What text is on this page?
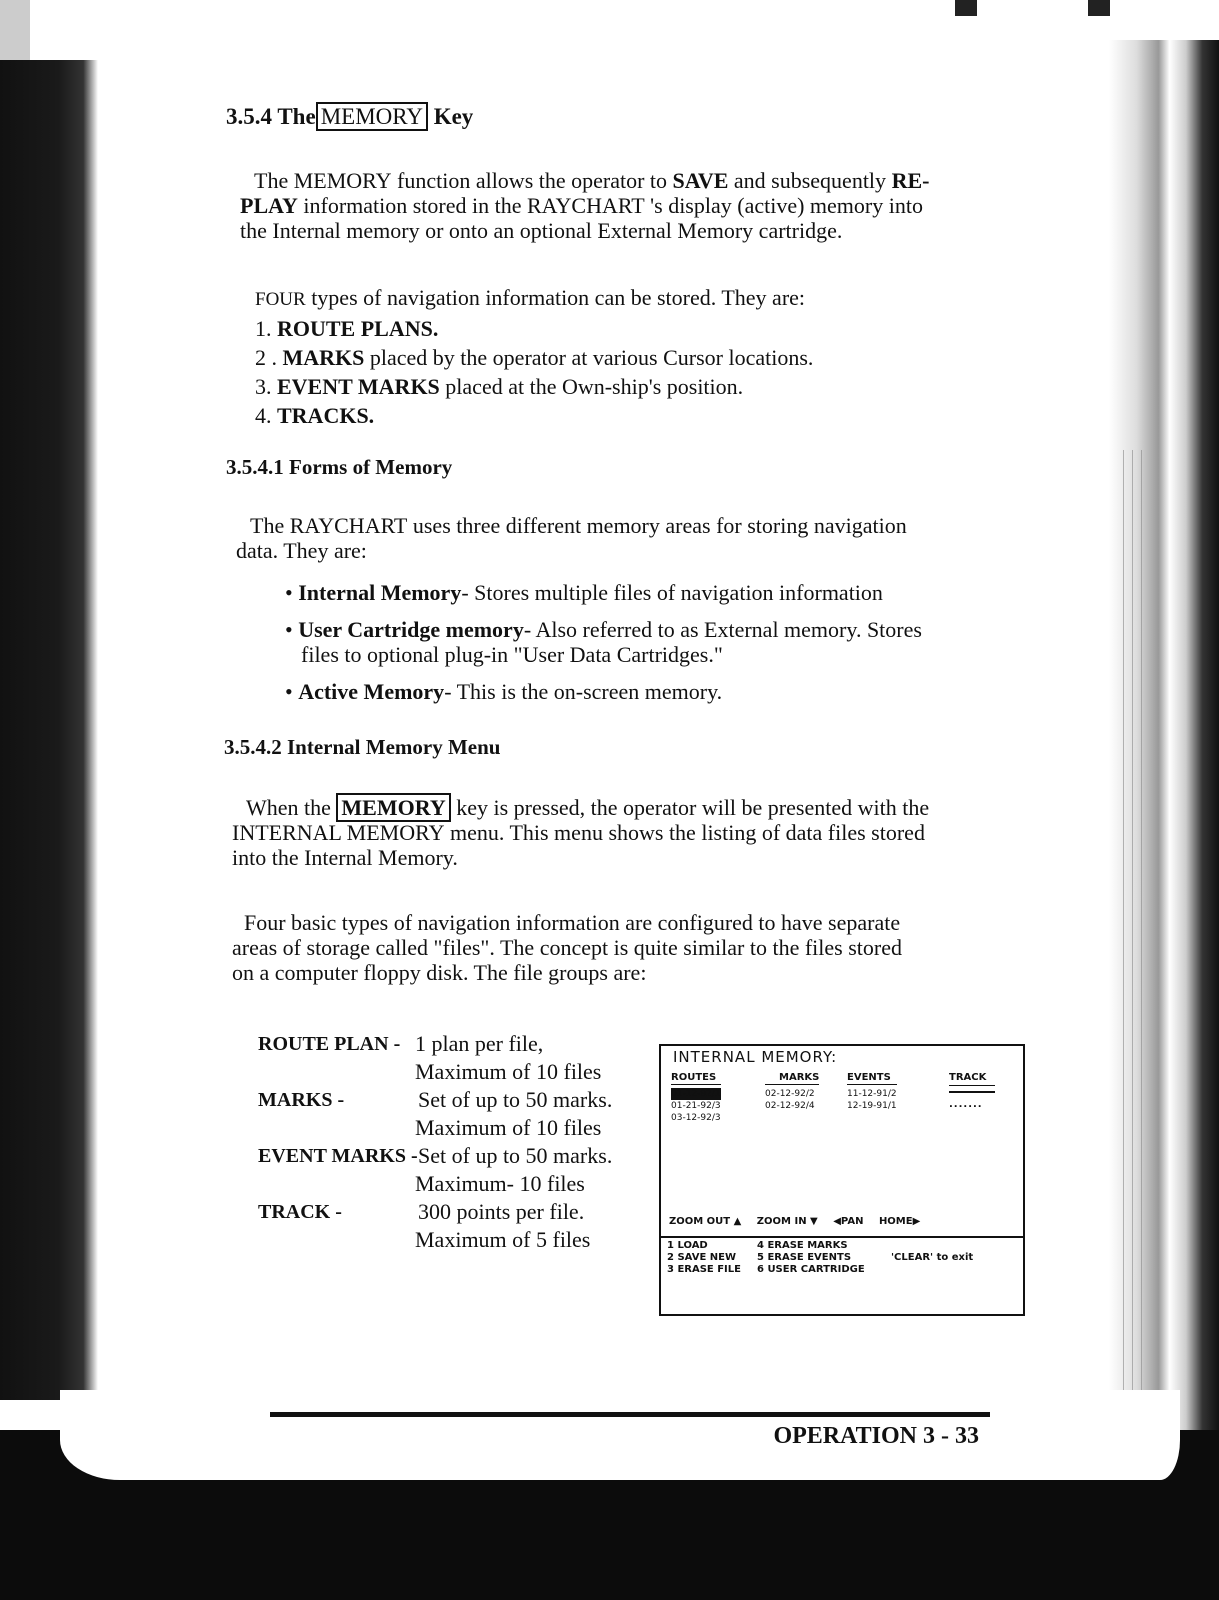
3.5.4 The MEMORY Key
The MEMORY function allows the operator to SAVE and subsequently RE-
PLAY information stored in the RAYCHART 's display (active) memory into
the Internal memory or onto an optional External Memory cartridge.
FOUR types of navigation information can be stored. They are:
1. ROUTE PLANS.
2 . MARKS placed by the operator at various Cursor locations.
3. EVENT MARKS placed at the Own-ship's position.
4. TRACKS.
3.5.4.1 Forms of Memory
The RAYCHART uses three different memory areas for storing navigation
data. They are:
• Internal Memory- Stores multiple files of navigation information
• User Cartridge memory- Also referred to as External memory. Stores
files to optional plug-in "User Data Cartridges."
• Active Memory- This is the on-screen memory.
3.5.4.2 Internal Memory Menu
When the MEMORY key is pressed, the operator will be presented with the
INTERNAL MEMORY menu. This menu shows the listing of data files stored
into the Internal Memory.
Four basic types of navigation information are configured to have separate
areas of storage called "files". The concept is quite similar to the files stored
on a computer floppy disk. The file groups are:
ROUTE PLAN - 1 plan per file,
Maximum of 10 files
MARKS -	Set of up to 50 marks.
Maximum of 10 files
EVENT MARKS - Set of up to 50 marks.
Maximum- 10 files
TRACK -	300 points per file.
Maximum of 5 files
INTERNAL MEMORY:
ROUTES
01-12-92/1
01-21-92/3
03-12-92/3
MARKS
02-12-92/2
02-12-92/4
EVENTS
11-12-91/2
12-19-91/1
TRACK
.......
ZOOM OUT ▲ ZOOM IN ▼ ◀PAN HOME▶
1 LOAD
2 SAVE NEW
3 ERASE FILE
4 ERASE MARKS
5 ERASE EVENTS
6 USER CARTRIDGE
'CLEAR' to exit
OPERATION 3 - 33
